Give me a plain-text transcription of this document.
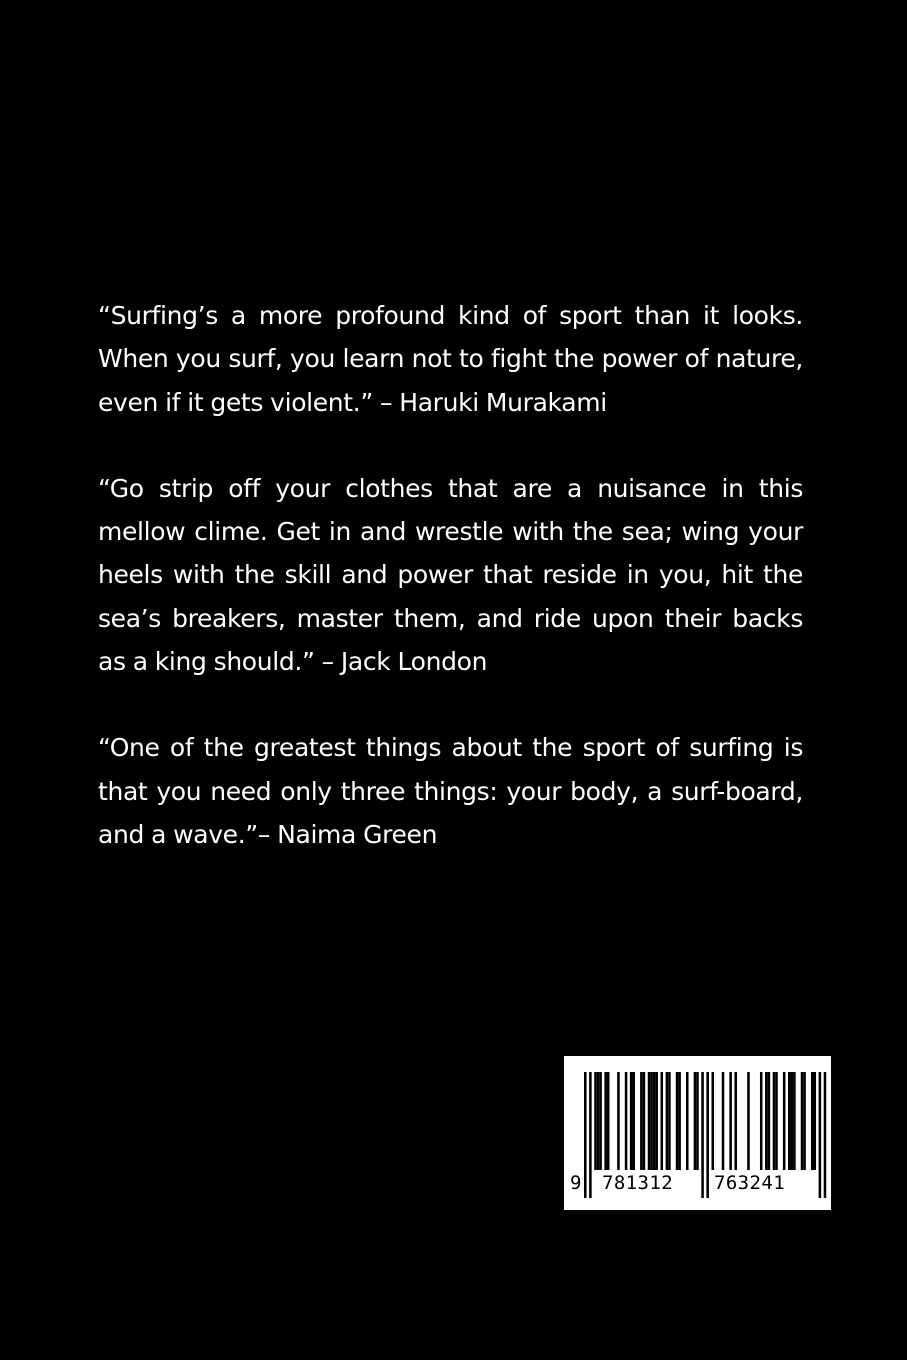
“Surfing’s a more profound kind of sport than it looks. When you surf, you learn not to fight the power of nature, even if it gets violent.” – Haruki Murakami

“Go strip off your clothes that are a nuisance in this mellow clime. Get in and wrestle with the sea; wing your heels with the skill and power that reside in you, hit the sea’s breakers, master them, and ride upon their backs as a king should.” – Jack London

“One of the greatest things about the sport of surfing is that you need only three things: your body, a surf-board, and a wave.”– Naima Green

9 781312 763241
